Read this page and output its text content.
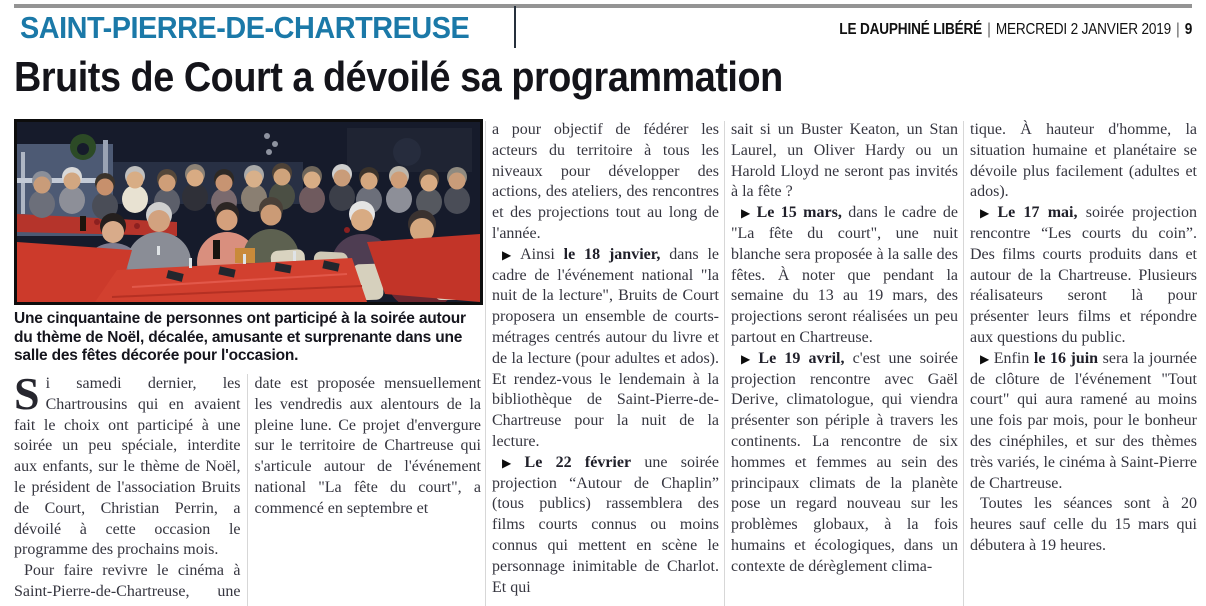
SAINT-PIERRE-DE-CHARTREUSE	LE DAUPHINÉ LIBÉRÉ | MERCREDI 2 JANVIER 2019 | 9
Bruits de Court a dévoilé sa programmation

Une cinquantaine de personnes ont participé à la soirée autour du thème de Noël, décalée, amusante et surprenante dans une salle des fêtes décorée pour l'occasion.

Si samedi dernier, les Chartrousins qui en avaient fait le choix ont participé à une soirée un peu spéciale, interdite aux enfants, sur le thème de Noël, le président de l'association Bruits de Court, Christian Perrin, a dévoilé à cette occasion le programme des prochains mois.

Pour faire revivre le cinéma à Saint-Pierre-de-Chartreuse, une date est proposée mensuellement les vendredis aux alentours de la pleine lune. Ce projet d'envergure sur le territoire de Chartreuse qui s'articule autour de l'événement national "La fête du court", a commencé en septembre et

a pour objectif de fédérer les acteurs du territoire à tous les niveaux pour développer des actions, des ateliers, des rencontres et des projections tout au long de l'année.

▶ Ainsi le 18 janvier, dans le cadre de l'événement national "la nuit de la lecture", Bruits de Court proposera un ensemble de courts-métrages centrés autour du livre et de la lecture (pour adultes et ados). Et rendez-vous le lendemain à la bibliothèque de Saint-Pierre-de-Chartreuse pour la nuit de la lecture.

▶ Le 22 février une soirée projection “Autour de Chaplin” (tous publics) rassemblera des films courts connus ou moins connus qui mettent en scène le personnage inimitable de Charlot. Et qui

sait si un Buster Keaton, un Stan Laurel, un Oliver Hardy ou un Harold Lloyd ne seront pas invités à la fête ?

▶ Le 15 mars, dans le cadre de "La fête du court", une nuit blanche sera proposée à la salle des fêtes. À noter que pendant la semaine du 13 au 19 mars, des projections seront réalisées un peu partout en Chartreuse.

▶ Le 19 avril, c'est une soirée projection rencontre avec Gaël Derive, climatologue, qui viendra présenter son périple à travers les continents. La rencontre de six hommes et femmes au sein des principaux climats de la planète pose un regard nouveau sur les problèmes globaux, à la fois humains et écologiques, dans un contexte de dérèglement clima-

tique. À hauteur d'homme, la situation humaine et planétaire se dévoile plus facilement (adultes et ados).

▶ Le 17 mai, soirée projection rencontre “Les courts du coin”. Des films courts produits dans et autour de la Chartreuse. Plusieurs réalisateurs seront là pour présenter leurs films et répondre aux questions du public.

▶ Enfin le 16 juin sera la journée de clôture de l'événement "Tout court" qui aura ramené au moins une fois par mois, pour le bonheur des cinéphiles, et sur des thèmes très variés, le cinéma à Saint-Pierre de Chartreuse.

Toutes les séances sont à 20 heures sauf celle du 15 mars qui débutera à 19 heures.
